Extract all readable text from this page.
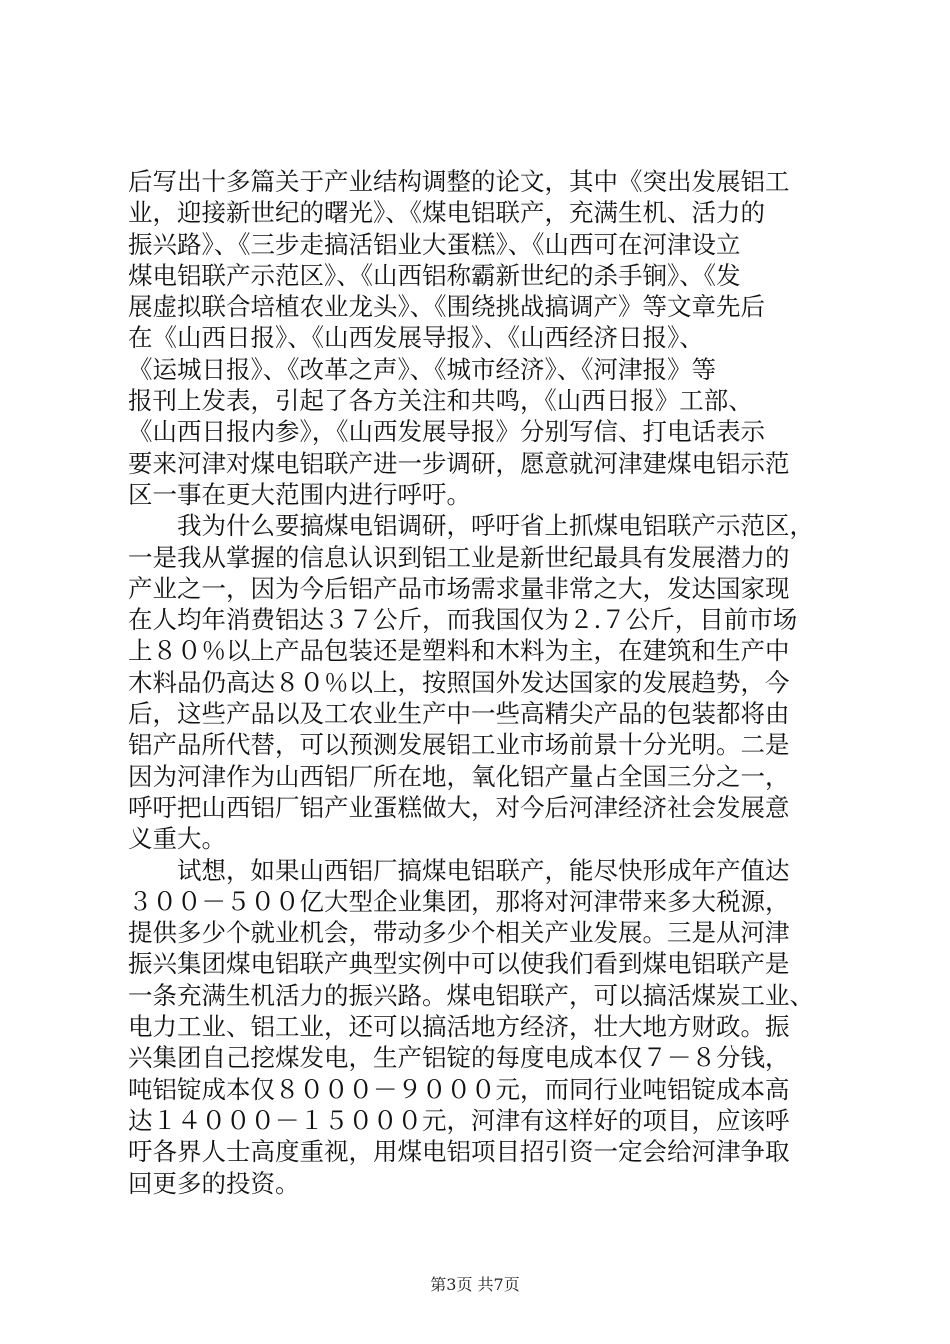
后写出十多篇关于产业结构调整的论文，其中《突出发展铝工
业，迎接新世纪的曙光》、《煤电铝联产，充满生机、活力的
振兴路》、《三步走搞活铝业大蛋糕》、《山西可在河津设立
煤电铝联产示范区》、《山西铝称霸新世纪的杀手锏》、《发
展虚拟联合培植农业龙头》、《围绕挑战搞调产》等文章先后
在《山西日报》、《山西发展导报》、《山西经济日报》、
《运城日报》、《改革之声》、《城市经济》、《河津报》等
报刊上发表，引起了各方关注和共鸣，《山西日报》工部、
《山西日报内参》，《山西发展导报》分别写信、打电话表示
要来河津对煤电铝联产进一步调研，愿意就河津建煤电铝示范
区一事在更大范围内进行呼吁。
　　我为什么要搞煤电铝调研，呼吁省上抓煤电铝联产示范区，
一是我从掌握的信息认识到铝工业是新世纪最具有发展潜力的
产业之一，因为今后铝产品市场需求量非常之大，发达国家现
在人均年消费铝达３７公斤，而我国仅为２.７公斤，目前市场
上８０％以上产品包装还是塑料和木料为主，在建筑和生产中
木料品仍高达８０％以上，按照国外发达国家的发展趋势，今
后，这些产品以及工农业生产中一些高精尖产品的包装都将由
铝产品所代替，可以预测发展铝工业市场前景十分光明。二是
因为河津作为山西铝厂所在地，氧化铝产量占全国三分之一，
呼吁把山西铝厂铝产业蛋糕做大，对今后河津经济社会发展意
义重大。
　　试想，如果山西铝厂搞煤电铝联产，能尽快形成年产值达
３００－５００亿大型企业集团，那将对河津带来多大税源，
提供多少个就业机会，带动多少个相关产业发展。三是从河津
振兴集团煤电铝联产典型实例中可以使我们看到煤电铝联产是
一条充满生机活力的振兴路。煤电铝联产，可以搞活煤炭工业、
电力工业、铝工业，还可以搞活地方经济，壮大地方财政。振
兴集团自己挖煤发电，生产铝锭的每度电成本仅７－８分钱，
吨铝锭成本仅８０００－９０００元，而同行业吨铝锭成本高
达１４０００－１５０００元，河津有这样好的项目，应该呼
吁各界人士高度重视，用煤电铝项目招引资一定会给河津争取
回更多的投资。
第3页 共7页
